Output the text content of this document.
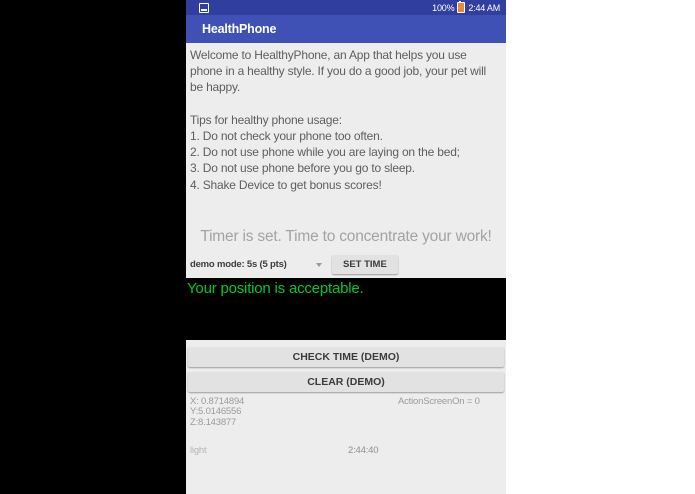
100% 2:44 AM
HealthPhone

Welcome to HealthyPhone, an App that helps you use phone in a healthy style. If you do a good job, your pet will be happy.

Tips for healthy phone usage:

1. Do not check your phone too often.
2. Do not use phone while you are laying on the bed;
3. Do not use phone before you go to sleep.
4. Shake Device to get bonus scores!
Timer is set. Time to concentrate your work!
demo mode: 5s (5 pts)	SET TIME
Your position is acceptable.
CHECK TIME (DEMO)
CLEAR (DEMO)
X: 0.8714894
Y:5.0146556
Z:8.143877
ActionScreenOn = 0
light	2:44:40
